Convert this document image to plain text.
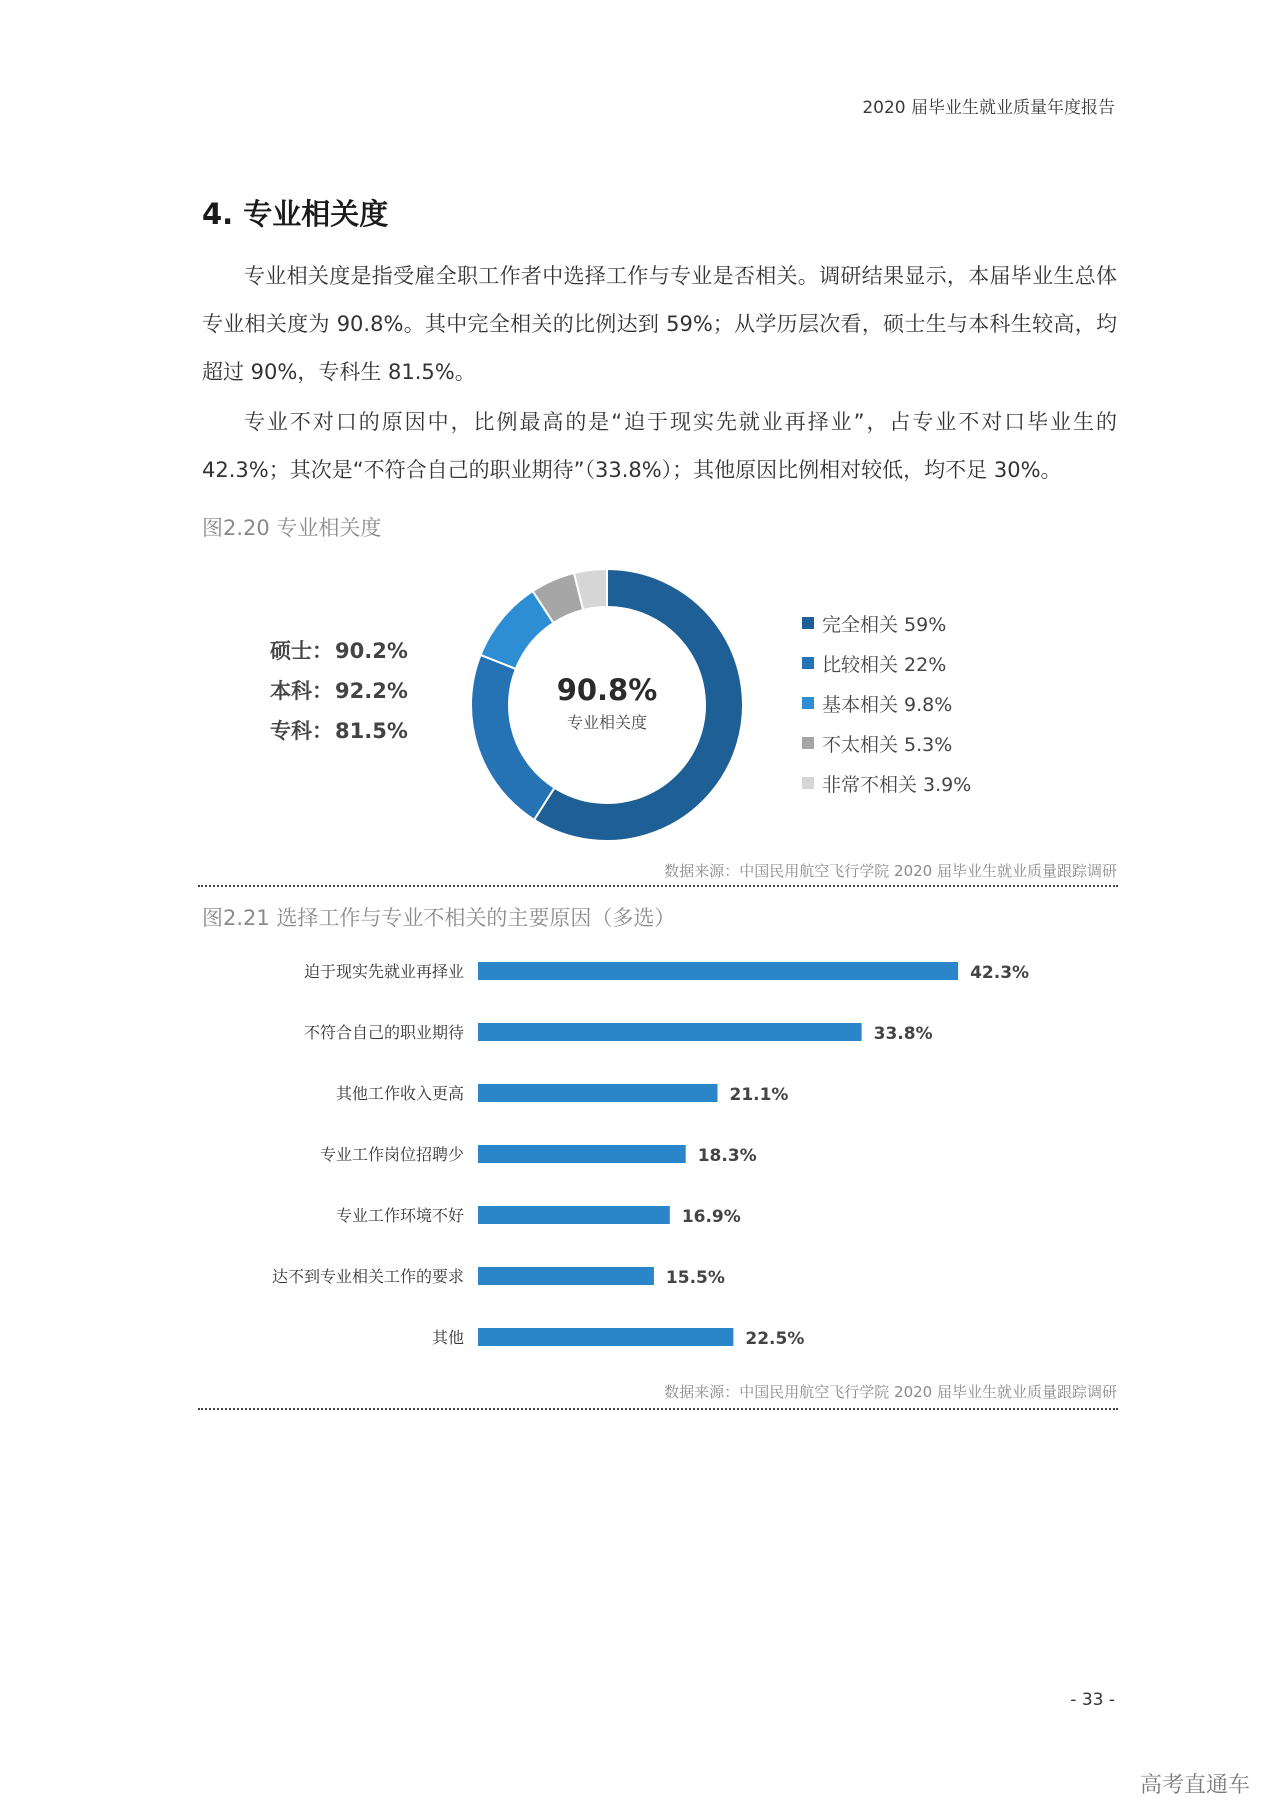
2020 届毕业生就业质量年度报告
4. 专业相关度

专业相关度是指受雇全职工作者中选择工作与专业是否相关。调研结果显示，本届毕业生总体专业相关度为 90.8%。其中完全相关的比例达到 59%；从学历层次看，硕士生与本科生较高，均超过 90%，专科生 81.5%。

专业不对口的原因中，比例最高的是“迫于现实先就业再择业”，占专业不对口毕业生的 42.3%；其次是“不符合自己的职业期待”（33.8%）；其他原因比例相对较低，均不足 30%。

图2.20 专业相关度
硕士：90.2%
本科：92.2%
专科：81.5%
90.8%
专业相关度
完全相关 59%
比较相关 22%
基本相关 9.8%
不太相关 5.3%
非常不相关 3.9%
数据来源：中国民用航空飞行学院 2020 届毕业生就业质量跟踪调研
图2.21 选择工作与专业不相关的主要原因（多选）
迫于现实先就业再择业	42.3%
不符合自己的职业期待	33.8%
其他工作收入更高	21.1%
专业工作岗位招聘少	18.3%
专业工作环境不好	16.9%
达不到专业相关工作的要求	15.5%
其他	22.5%
数据来源：中国民用航空飞行学院 2020 届毕业生就业质量跟踪调研
- 33 -
高考直通车
